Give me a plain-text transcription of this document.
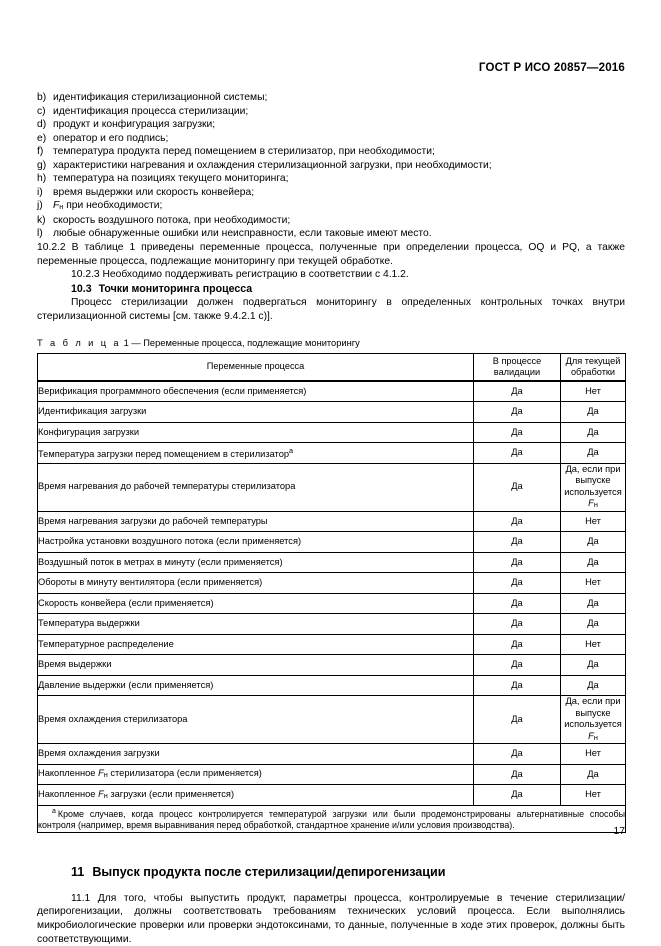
ГОСТ Р ИСО 20857—2016
b) идентификация стерилизационной системы;
c) идентификация процесса стерилизации;
d) продукт и конфигурация загрузки;
e) оператор и его подпись;
f) температура продукта перед помещением в стерилизатор, при необходимости;
g) характеристики нагревания и охлаждения стерилизационной загрузки, при необходимости;
h) температура на позициях текущего мониторинга;
i) время выдержки или скорость конвейера;
j) $F_н$ при необходимости;
k) скорость воздушного потока, при необходимости;
l) любые обнаруженные ошибки или неисправности, если таковые имеют место.
10.2.2 В таблице 1 приведены переменные процесса, полученные при определении процесса, OQ и PQ, а также переменные процесса, подлежащие мониторингу при текущей обработке.
10.2.3 Необходимо поддерживать регистрацию в соответствии с 4.1.2.
10.3 Точки мониторинга процесса
Процесс стерилизации должен подвергаться мониторингу в определенных контрольных точках внутри стерилизационной системы [см. также 9.4.2.1 c)].
Т а б л и ц а 1 — Переменные процесса, подлежащие мониторингу
Переменные процесса	В процессе валидации	Для текущей обработки
Верификация программного обеспечения (если применяется)	Да	Нет
Идентификация загрузки	Да	Да
Конфигурация загрузки	Да	Да
Температура загрузки перед помещением в стерилизатор$^a$	Да	Да
Время нагревания до рабочей температуры стерилизатора	Да	Да, если при выпуске используется $F_н$
Время нагревания загрузки до рабочей температуры	Да	Нет
Настройка установки воздушного потока (если применяется)	Да	Да
Воздушный поток в метрах в минуту (если применяется)	Да	Да
Обороты в минуту вентилятора (если применяется)	Да	Нет
Скорость конвейера (если применяется)	Да	Да
Температура выдержки	Да	Да
Температурное распределение	Да	Нет
Время выдержки	Да	Да
Давление выдержки (если применяется)	Да	Да
Время охлаждения стерилизатора	Да	Да, если при выпуске используется $F_н$
Время охлаждения загрузки	Да	Нет
Накопленное $F_н$ стерилизатора (если применяется)	Да	Да
Накопленное $F_н$ загрузки (если применяется)	Да	Нет
$^a$ Кроме случаев, когда процесс контролируется температурой загрузки или были продемонстрированы альтернативные способы контроля (например, время выравнивания перед обработкой, стандартное хранение и/или условия производства).		
11 Выпуск продукта после стерилизации/депирогенизации
11.1 Для того, чтобы выпустить продукт, параметры процесса, контролируемые в течение стерилизации/депирогенизации, должны соответствовать требованиям технических условий процесса. Если выполнялись микробиологические проверки или проверки эндотоксинами, то данные, полученные в ходе этих проверок, должны быть соответствующими.
17
